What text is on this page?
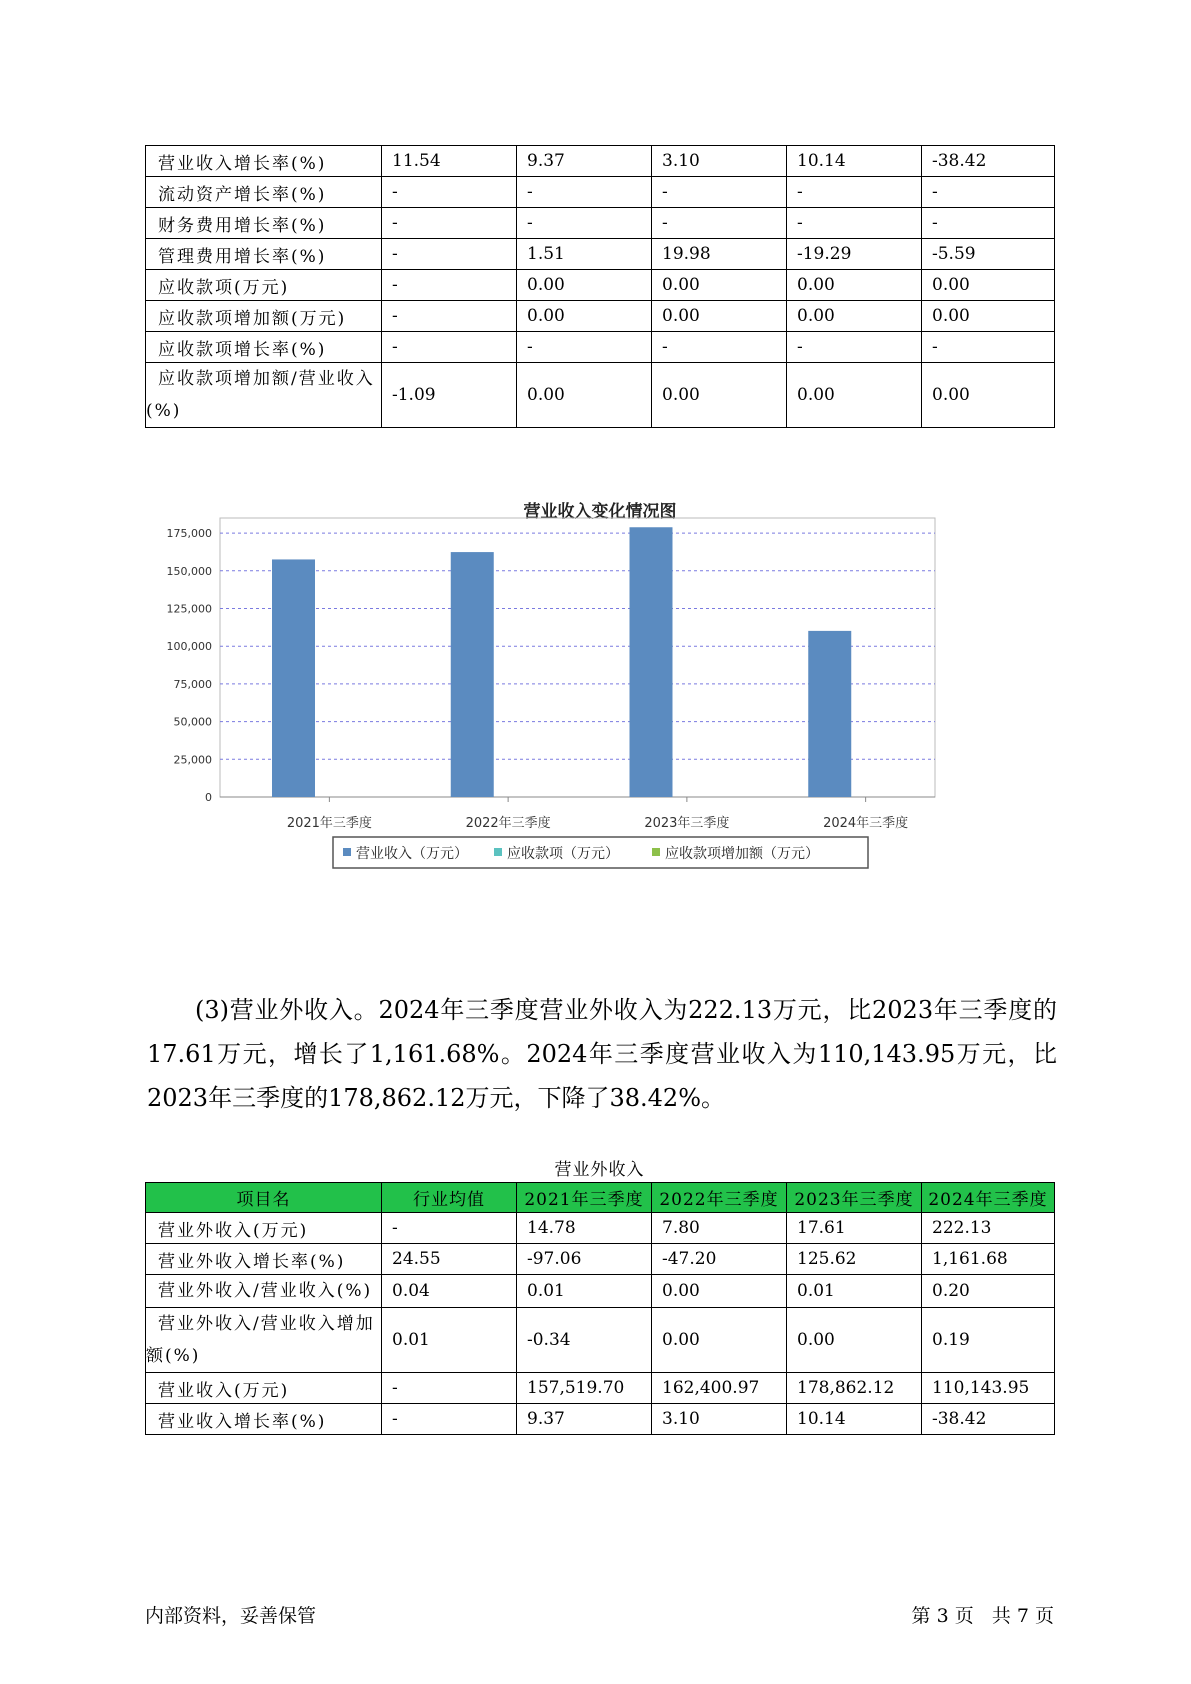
营业收入增长率(%)	11.54	9.37	3.10	10.14	-38.42
流动资产增长率(%)	-	-	-	-	-
财务费用增长率(%)	-	-	-	-	-
管理费用增长率(%)	-	1.51	19.98	-19.29	-5.59
应收款项(万元)	-	0.00	0.00	0.00	0.00
应收款项增加额(万元)	-	0.00	0.00	0.00	0.00
应收款项增长率(%)	-	-	-	-	-
应收款项增加额/营业收入(%)	-1.09	0.00	0.00	0.00	0.00
营业收入变化情况图
0
25,000
50,000
75,000
100,000
125,000
150,000
175,000
2021年三季度	2022年三季度	2023年三季度	2024年三季度
营业收入（万元）	应收款项（万元）	应收款项增加额（万元）
(3)营业外收入。2024年三季度营业外收入为222.13万元，比2023年三季度的17.61万元，增长了1,161.68%。2024年三季度营业收入为110,143.95万元，比2023年三季度的178,862.12万元，下降了38.42%。
营业外收入
项目名	行业均值	2021年三季度	2022年三季度	2023年三季度	2024年三季度
营业外收入(万元)	-	14.78	7.80	17.61	222.13
营业外收入增长率(%)	24.55	-97.06	-47.20	125.62	1,161.68
营业外收入/营业收入(%)	0.04	0.01	0.00	0.01	0.20
营业外收入/营业收入增加额(%)	0.01	-0.34	0.00	0.00	0.19
营业收入(万元)	-	157,519.70	162,400.97	178,862.12	110,143.95
营业收入增长率(%)	-	9.37	3.10	10.14	-38.42
内部资料，妥善保管	第 3 页 共 7 页
